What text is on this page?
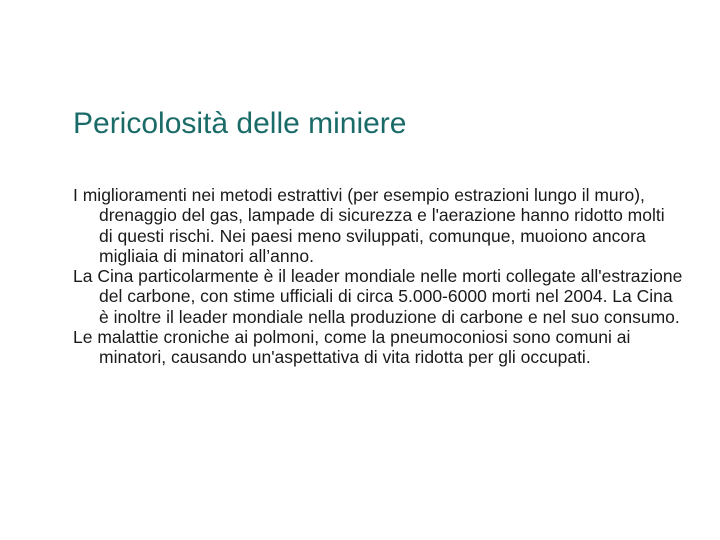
Pericolosità delle miniere
I miglioramenti nei metodi estrattivi (per esempio estrazioni lungo il muro), drenaggio del gas, lampade di sicurezza e l'aerazione hanno ridotto molti di questi rischi. Nei paesi meno sviluppati, comunque, muoiono ancora migliaia di minatori all’anno.
La Cina particolarmente è il leader mondiale nelle morti collegate all'estrazione del carbone, con stime ufficiali di circa 5.000-6000 morti nel 2004. La Cina è inoltre il leader mondiale nella produzione di carbone e nel suo consumo.
Le malattie croniche ai polmoni, come la pneumoconiosi sono comuni ai minatori, causando un'aspettativa di vita ridotta per gli occupati.
